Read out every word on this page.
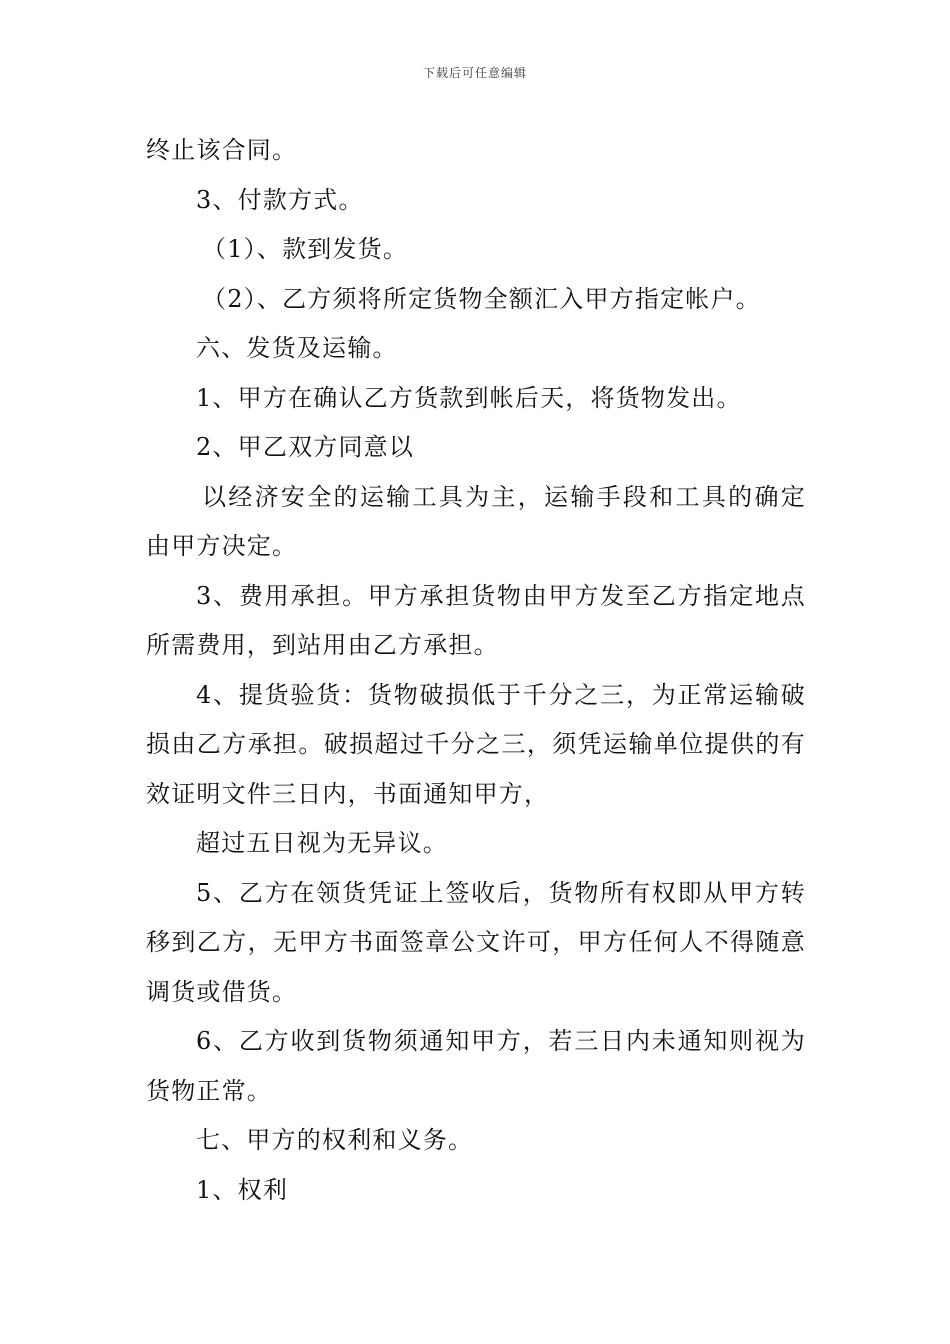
下载后可任意编辑

终止该合同。

3、付款方式。

（1）、款到发货。

（2）、乙方须将所定货物全额汇入甲方指定帐户。

六、发货及运输。

1、甲方在确认乙方货款到帐后天，将货物发出。

2、甲乙双方同意以

以经济安全的运输工具为主，运输手段和工具的确定由甲方决定。

3、费用承担。甲方承担货物由甲方发至乙方指定地点所需费用，到站用由乙方承担。

4、提货验货：货物破损低于千分之三，为正常运输破损由乙方承担。破损超过千分之三，须凭运输单位提供的有效证明文件三日内，书面通知甲方，

超过五日视为无异议。

5、乙方在领货凭证上签收后，货物所有权即从甲方转移到乙方，无甲方书面签章公文许可，甲方任何人不得随意调货或借货。

6、乙方收到货物须通知甲方，若三日内未通知则视为货物正常。

七、甲方的权利和义务。

1、权利
